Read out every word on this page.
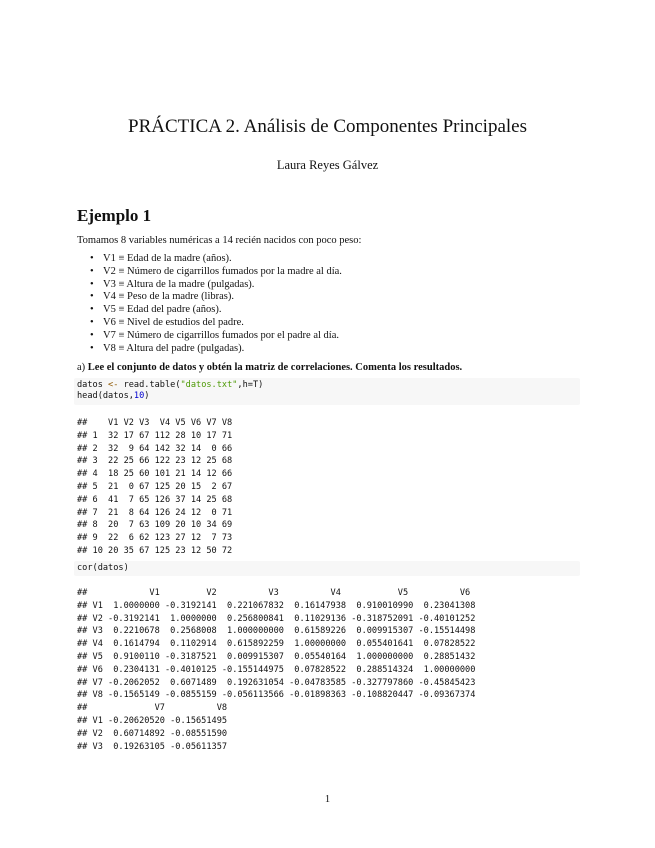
PRÁCTICA 2. Análisis de Componentes Principales
Laura Reyes Gálvez
Ejemplo 1
Tomamos 8 variables numéricas a 14 recién nacidos con poco peso:
• V1 ≡ Edad de la madre (años).
• V2 ≡ Número de cigarrillos fumados por la madre al día.
• V3 ≡ Altura de la madre (pulgadas).
• V4 ≡ Peso de la madre (libras).
• V5 ≡ Edad del padre (años).
• V6 ≡ Nivel de estudios del padre.
• V7 ≡ Número de cigarrillos fumados por el padre al día.
• V8 ≡ Altura del padre (pulgadas).
a) Lee el conjunto de datos y obtén la matriz de correlaciones. Comenta los resultados.
datos <- read.table("datos.txt",h=T)
head(datos,10)
##    V1 V2 V3  V4 V5 V6 V7 V8
## 1  32 17 67 112 28 10 17 71
## 2  32  9 64 142 32 14  0 66
## 3  22 25 66 122 23 12 25 68
## 4  18 25 60 101 21 14 12 66
## 5  21  0 67 125 20 15  2 67
## 6  41  7 65 126 37 14 25 68
## 7  21  8 64 126 24 12  0 71
## 8  20  7 63 109 20 10 34 69
## 9  22  6 62 123 27 12  7 73
## 10 20 35 67 125 23 12 50 72
cor(datos)
##            V1         V2          V3          V4           V5          V6
## V1  1.0000000 -0.3192141  0.221067832  0.16147938  0.910010990  0.23041308
## V2 -0.3192141  1.0000000  0.256800841  0.11029136 -0.318752091 -0.40101252
## V3  0.2210678  0.2568008  1.000000000  0.61589226  0.009915307 -0.15514498
## V4  0.1614794  0.1102914  0.615892259  1.00000000  0.055401641  0.07828522
## V5  0.9100110 -0.3187521  0.009915307  0.05540164  1.000000000  0.28851432
## V6  0.2304131 -0.4010125 -0.155144975  0.07828522  0.288514324  1.00000000
## V7 -0.2062052  0.6071489  0.192631054 -0.04783585 -0.327797860 -0.45845423
## V8 -0.1565149 -0.0855159 -0.056113566 -0.01898363 -0.108820447 -0.09367374
##             V7          V8
## V1 -0.20620520 -0.15651495
## V2  0.60714892 -0.08551590
## V3  0.19263105 -0.05611357
1
